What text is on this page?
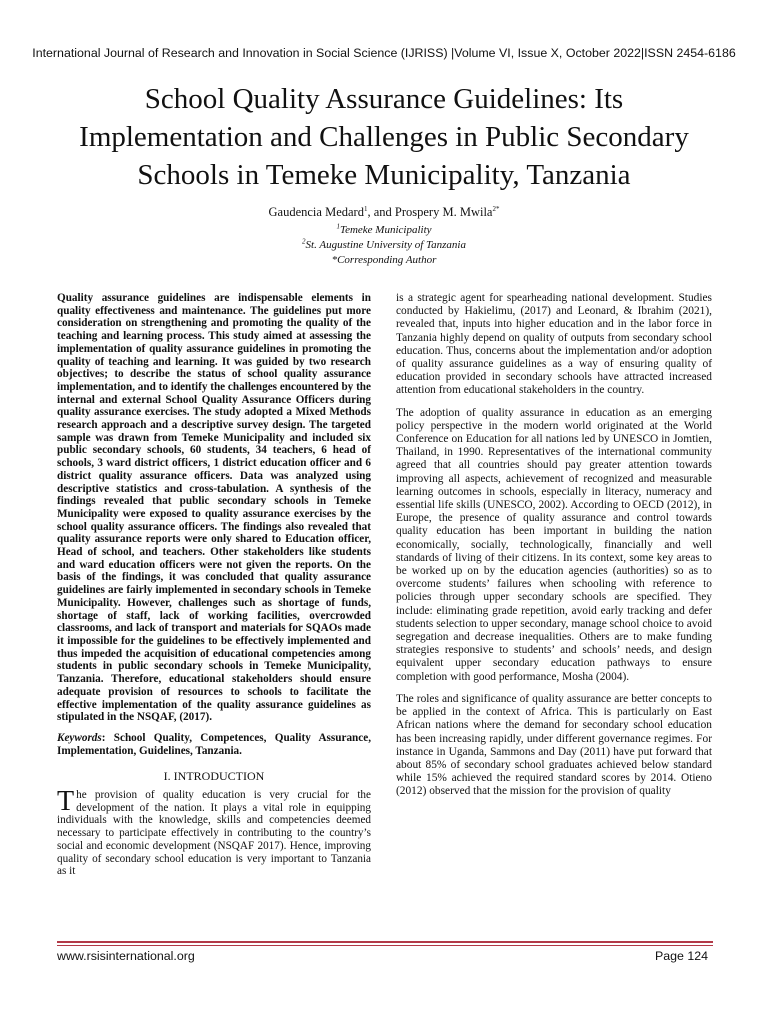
International Journal of Research and Innovation in Social Science (IJRISS) |Volume VI, Issue X, October 2022|ISSN 2454-6186
School Quality Assurance Guidelines: Its
Implementation and Challenges in Public Secondary
Schools in Temeke Municipality, Tanzania
Gaudencia Medard$^1$, and Prospery M. Mwila$^{2*}$
$^1$Temeke Municipality
$^2$St. Augustine University of Tanzania
*Corresponding Author

Quality assurance guidelines are indispensable elements in quality effectiveness and maintenance. The guidelines put more consideration on strengthening and promoting the quality of the teaching and learning process. This study aimed at assessing the implementation of quality assurance guidelines in promoting the quality of teaching and learning. It was guided by two research objectives; to describe the status of school quality assurance implementation, and to identify the challenges encountered by the internal and external School Quality Assurance Officers during quality assurance exercises. The study adopted a Mixed Methods research approach and a descriptive survey design. The targeted sample was drawn from Temeke Municipality and included six public secondary schools, 60 students, 34 teachers, 6 head of schools, 3 ward district officers, 1 district education officer and 6 district quality assurance officers. Data was analyzed using descriptive statistics and cross-tabulation. A synthesis of the findings revealed that public secondary schools in Temeke Municipality were exposed to quality assurance exercises by the school quality assurance officers. The findings also revealed that quality assurance reports were only shared to Education officer, Head of school, and teachers. Other stakeholders like students and ward education officers were not given the reports. On the basis of the findings, it was concluded that quality assurance guidelines are fairly implemented in secondary schools in Temeke Municipality. However, challenges such as shortage of funds, shortage of staff, lack of working facilities, overcrowded classrooms, and lack of transport and materials for SQAOs made it impossible for the guidelines to be effectively implemented and thus impeded the acquisition of educational competencies among students in public secondary schools in Temeke Municipality, Tanzania. Therefore, educational stakeholders should ensure adequate provision of resources to schools to facilitate the effective implementation of the quality assurance guidelines as stipulated in the NSQAF, (2017).

Keywords: School Quality, Competences, Quality Assurance, Implementation, Guidelines, Tanzania.

I. INTRODUCTION

The provision of quality education is very crucial for the development of the nation. It plays a vital role in equipping individuals with the knowledge, skills and competencies deemed necessary to participate effectively in contributing to the country’s social and economic development (NSQAF 2017). Hence, improving quality of secondary school education is very important to Tanzania as it

is a strategic agent for spearheading national development. Studies conducted by Hakielimu, (2017) and Leonard, & Ibrahim (2021), revealed that, inputs into higher education and in the labor force in Tanzania highly depend on quality of outputs from secondary school education. Thus, concerns about the implementation and/or adoption of quality assurance guidelines as a way of ensuring quality of education provided in secondary schools have attracted increased attention from educational stakeholders in the country.

The adoption of quality assurance in education as an emerging policy perspective in the modern world originated at the World Conference on Education for all nations led by UNESCO in Jomtien, Thailand, in 1990. Representatives of the international community agreed that all countries should pay greater attention towards improving all aspects, achievement of recognized and measurable learning outcomes in schools, especially in literacy, numeracy and essential life skills (UNESCO, 2002). According to OECD (2012), in Europe, the presence of quality assurance and control towards quality education has been important in building the nation economically, socially, technologically, financially and well standards of living of their citizens. In its context, some key areas to be worked up on by the education agencies (authorities) so as to overcome students’ failures when schooling with reference to policies through upper secondary schools are specified. They include: eliminating grade repetition, avoid early tracking and defer students selection to upper secondary, manage school choice to avoid segregation and decrease inequalities. Others are to make funding strategies responsive to students’ and schools’ needs, and design equivalent upper secondary education pathways to ensure completion with good performance, Mosha (2004).

The roles and significance of quality assurance are better concepts to be applied in the context of Africa. This is particularly on East African nations where the demand for secondary school education has been increasing rapidly, under different governance regimes. For instance in Uganda, Sammons and Day (2011) have put forward that about 85% of secondary school graduates achieved below standard while 15% achieved the required standard scores by 2014. Otieno (2012) observed that the mission for the provision of quality

www.rsisinternational.org	Page 124
